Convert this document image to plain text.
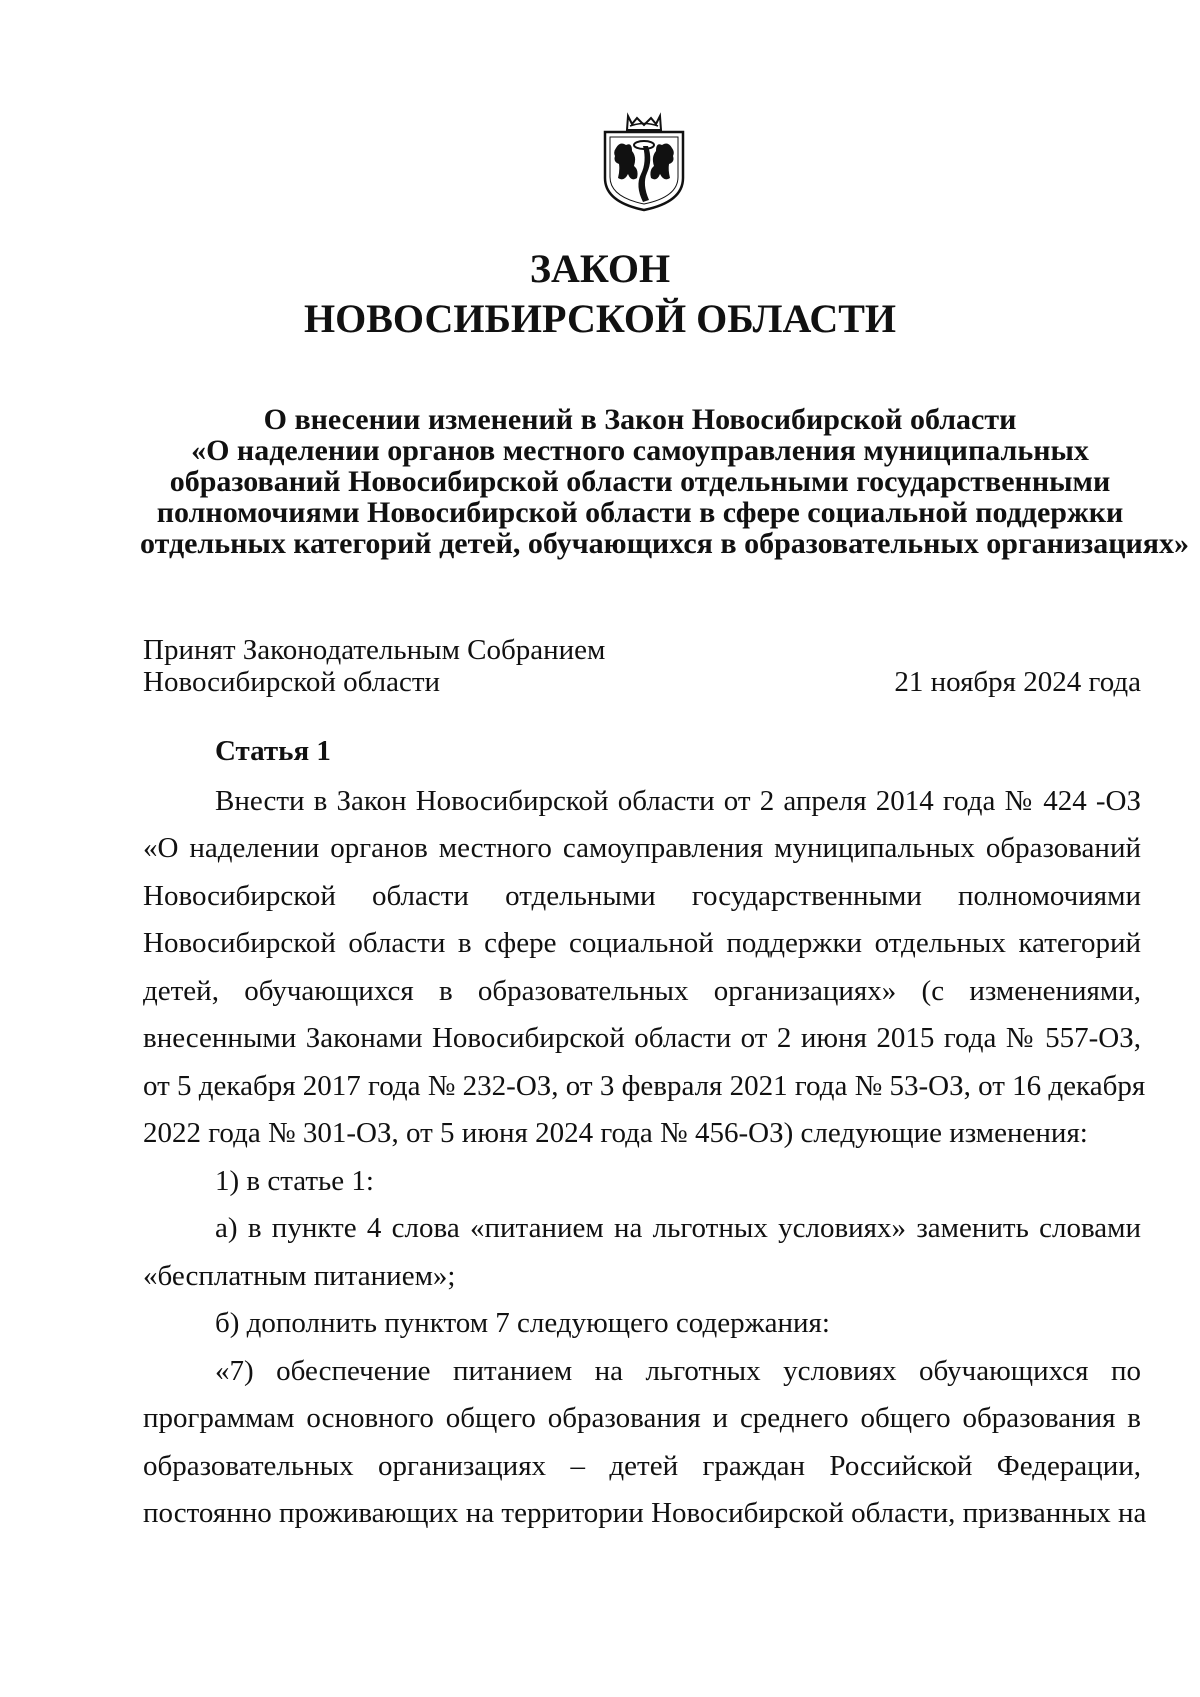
ЗАКОН
НОВОСИБИРСКОЙ ОБЛАСТИ
О внесении изменений в Закон Новосибирской области
«О наделении органов местного самоуправления муниципальных
образований Новосибирской области отдельными государственными
полномочиями Новосибирской области в сфере социальной поддержки
отдельных категорий детей, обучающихся в образовательных организациях»
Принят Законодательным Собранием
Новосибирской области	21 ноября 2024 года
Статья 1
Внести в Закон Новосибирской области от 2 апреля 2014 года № 424 -ОЗ
«О наделении органов местного самоуправления муниципальных образований
Новосибирской области отдельными государственными полномочиями
Новосибирской области в сфере социальной поддержки отдельных категорий
детей, обучающихся в образовательных организациях» (с изменениями,
внесенными Законами Новосибирской области от 2 июня 2015 года № 557-ОЗ,
от 5 декабря 2017 года № 232-ОЗ, от 3 февраля 2021 года № 53-ОЗ, от 16 декабря
2022 года № 301-ОЗ, от 5 июня 2024 года № 456-ОЗ) следующие изменения:
1) в статье 1:
а) в пункте 4 слова «питанием на льготных условиях» заменить словами
«бесплатным питанием»;
б) дополнить пунктом 7 следующего содержания:
«7) обеспечение питанием на льготных условиях обучающихся по
программам основного общего образования и среднего общего образования в
образовательных организациях – детей граждан Российской Федерации,
постоянно проживающих на территории Новосибирской области, призванных на
